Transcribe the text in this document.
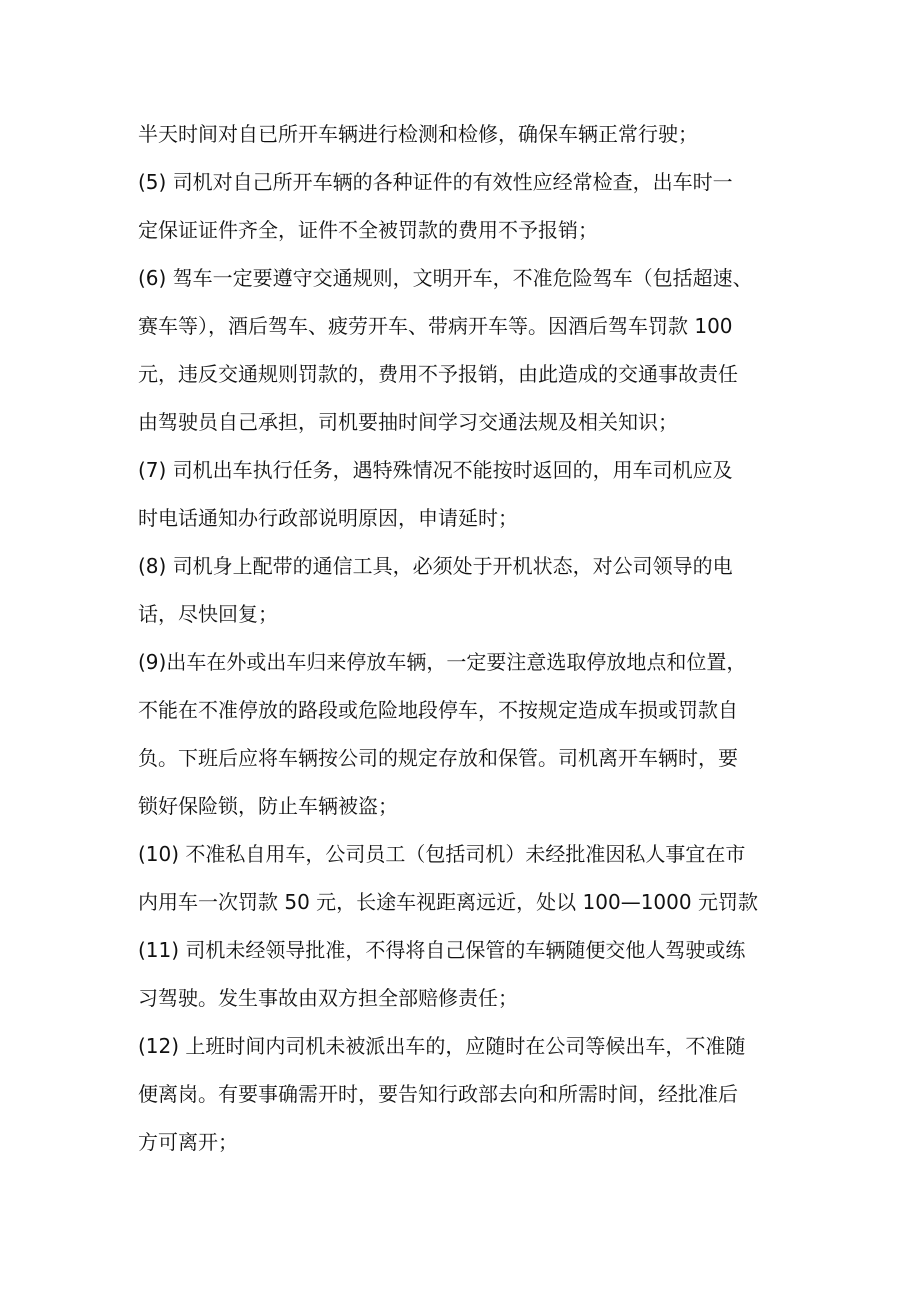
半天时间对自已所开车辆进行检测和检修，确保车辆正常行驶；
(5) 司机对自己所开车辆的各种证件的有效性应经常检查，出车时一
定保证证件齐全，证件不全被罚款的费用不予报销；
(6) 驾车一定要遵守交通规则，文明开车，不准危险驾车（包括超速、
赛车等），酒后驾车、疲劳开车、带病开车等。因酒后驾车罚款 100
元，违反交通规则罚款的，费用不予报销，由此造成的交通事故责任
由驾驶员自己承担，司机要抽时间学习交通法规及相关知识；
(7) 司机出车执行任务，遇特殊情况不能按时返回的，用车司机应及
时电话通知办行政部说明原因，申请延时；
(8) 司机身上配带的通信工具，必须处于开机状态，对公司领导的电
话，尽快回复；
(9)出车在外或出车归来停放车辆，一定要注意选取停放地点和位置，
不能在不准停放的路段或危险地段停车，不按规定造成车损或罚款自
负。下班后应将车辆按公司的规定存放和保管。司机离开车辆时，要
锁好保险锁，防止车辆被盗；
(10) 不准私自用车，公司员工（包括司机）未经批准因私人事宜在市
内用车一次罚款 50 元，长途车视距离远近，处以 100—1000 元罚款
(11) 司机未经领导批准，不得将自己保管的车辆随便交他人驾驶或练
习驾驶。发生事故由双方担全部赔修责任；
(12) 上班时间内司机未被派出车的，应随时在公司等候出车，不准随
便离岗。有要事确需开时，要告知行政部去向和所需时间，经批准后
方可离开；
